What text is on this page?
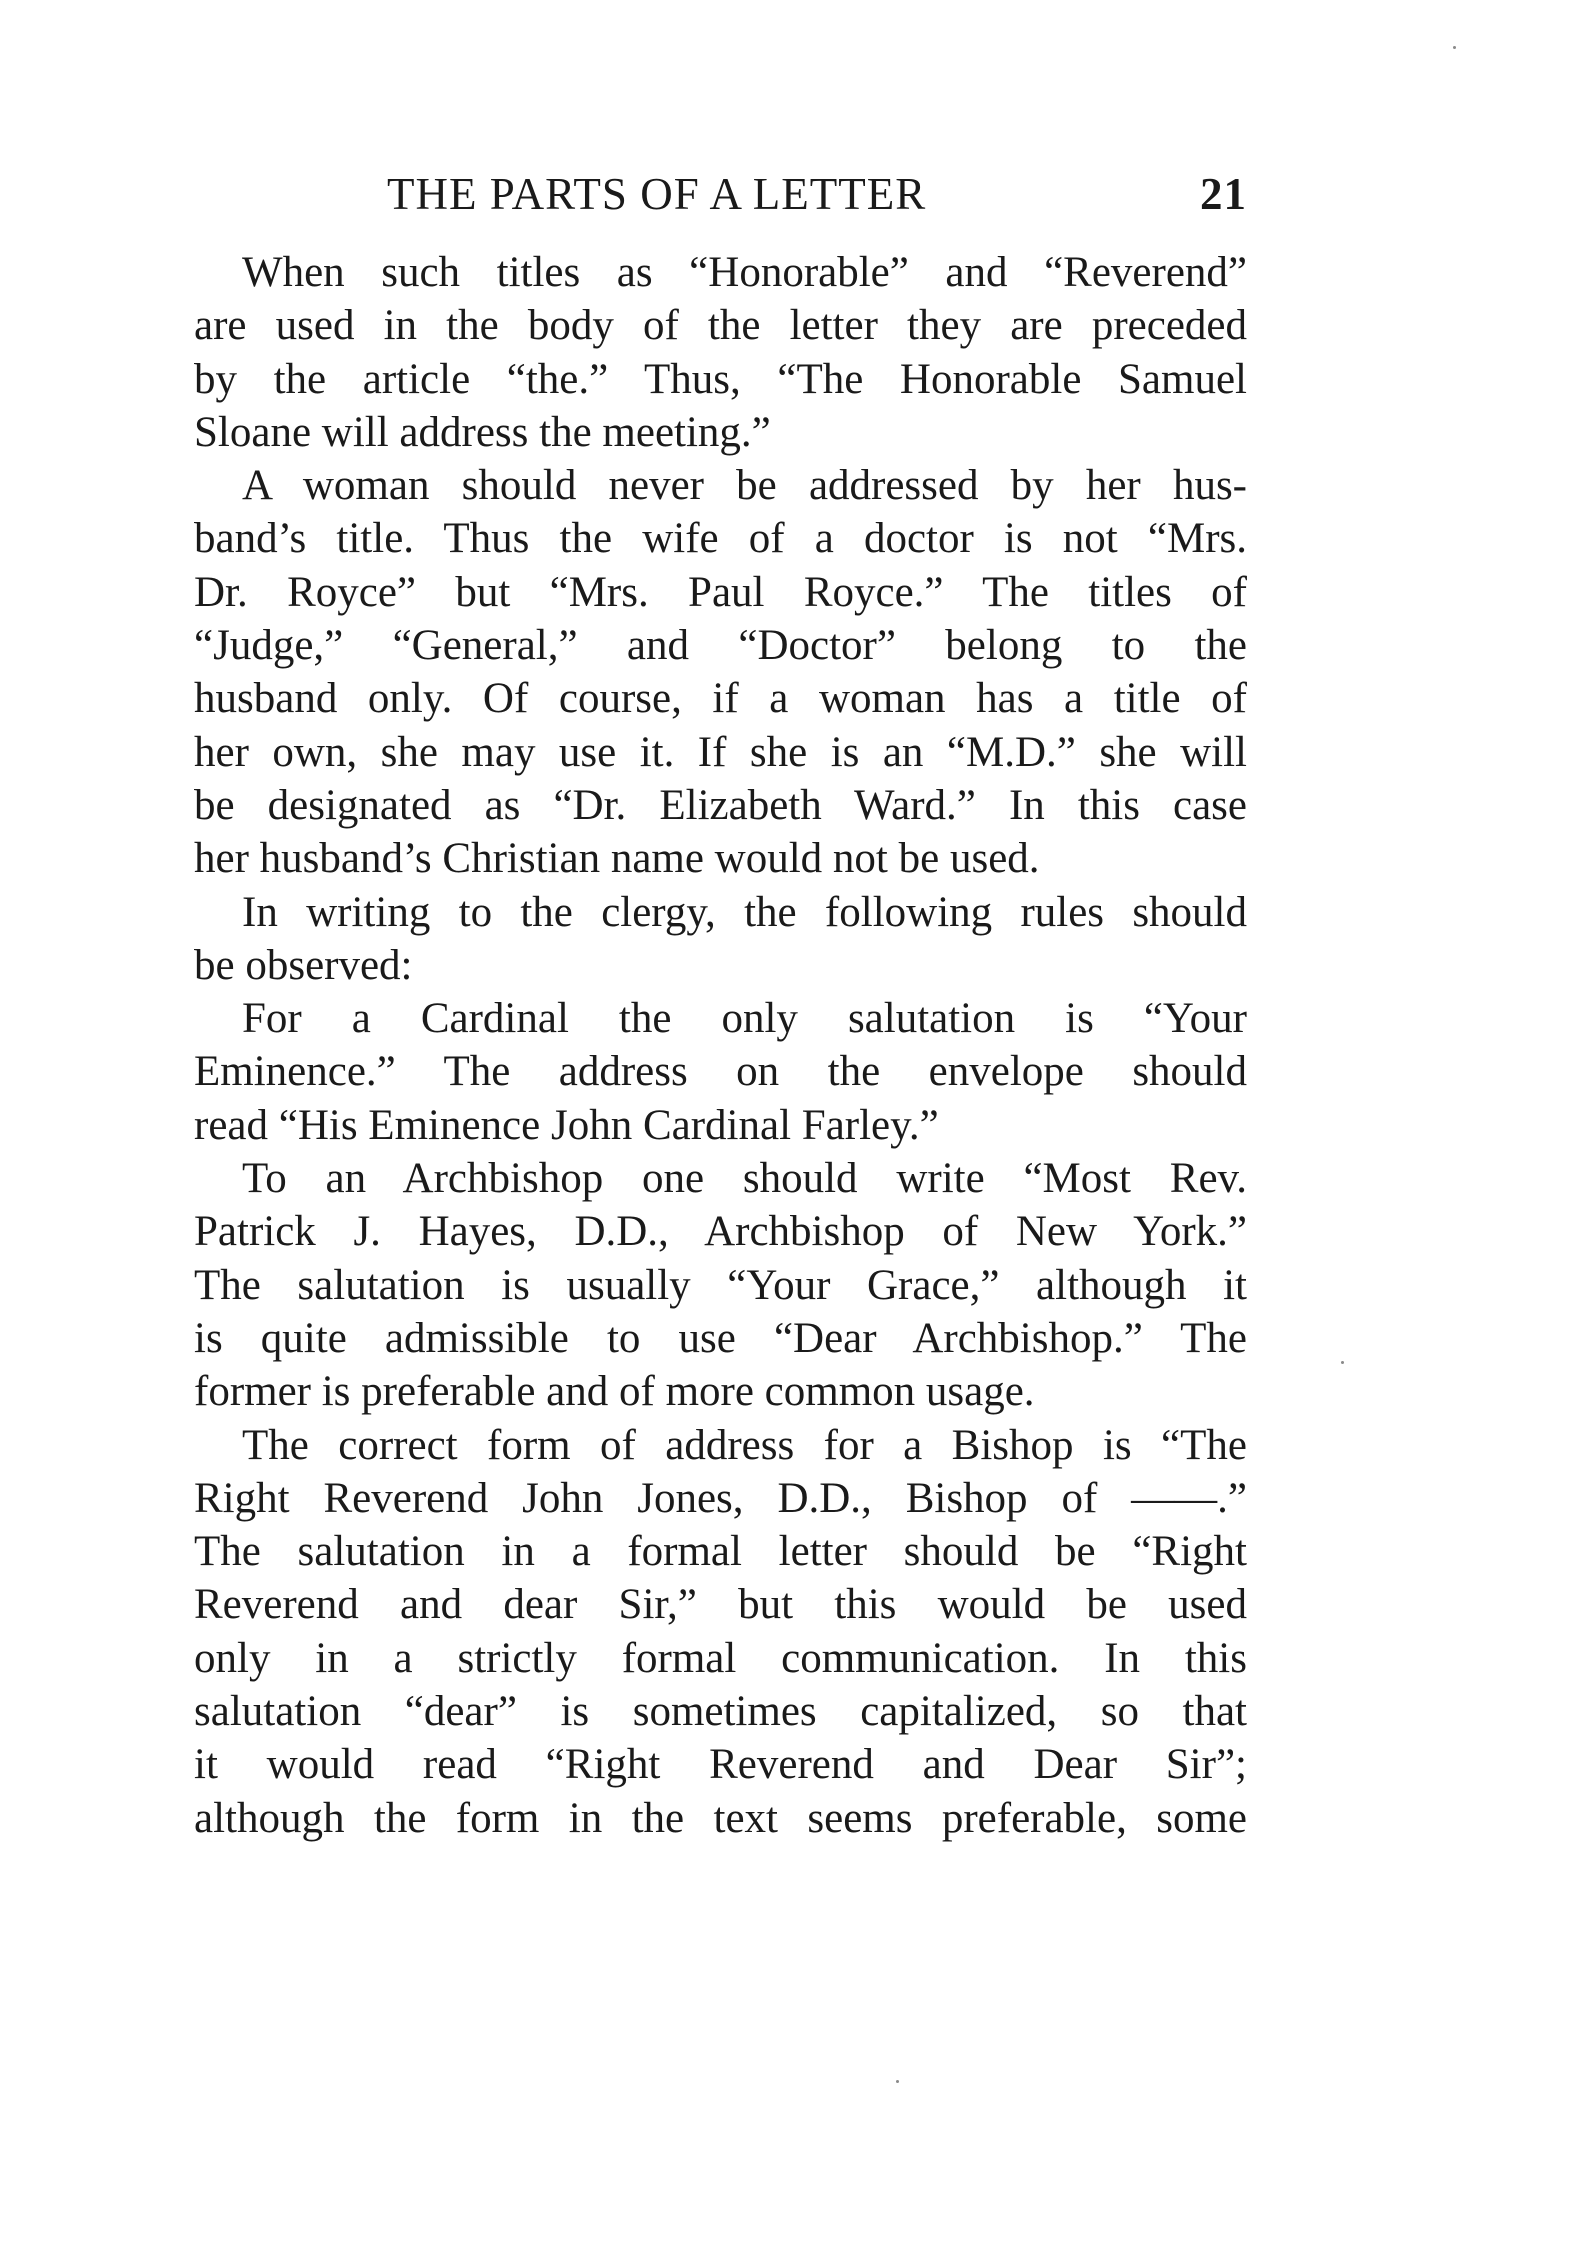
THE PARTS OF A LETTER	21
When such titles as “Honorable” and “Reverend”
are used in the body of the letter they are preceded
by the article “the.” Thus, “The Honorable Samuel
Sloane will address the meeting.”
A woman should never be addressed by her hus-
band’s title. Thus the wife of a doctor is not “Mrs.
Dr. Royce” but “Mrs. Paul Royce.” The titles of
“Judge,” “General,” and “Doctor” belong to the
husband only. Of course, if a woman has a title of
her own, she may use it. If she is an “M.D.” she will
be designated as “Dr. Elizabeth Ward.” In this case
her husband’s Christian name would not be used.
In writing to the clergy, the following rules should
be observed:
For a Cardinal the only salutation is “Your
Eminence.” The address on the envelope should
read “His Eminence John Cardinal Farley.”
To an Archbishop one should write “Most Rev.
Patrick J. Hayes, D.D., Archbishop of New York.”
The salutation is usually “Your Grace,” although it
is quite admissible to use “Dear Archbishop.” The
former is preferable and of more common usage.
The correct form of address for a Bishop is “The
Right Reverend John Jones, D.D., Bishop of ——.”
The salutation in a formal letter should be “Right
Reverend and dear Sir,” but this would be used
only in a strictly formal communication. In this
salutation “dear” is sometimes capitalized, so that
it would read “Right Reverend and Dear Sir”;
although the form in the text seems preferable, some
